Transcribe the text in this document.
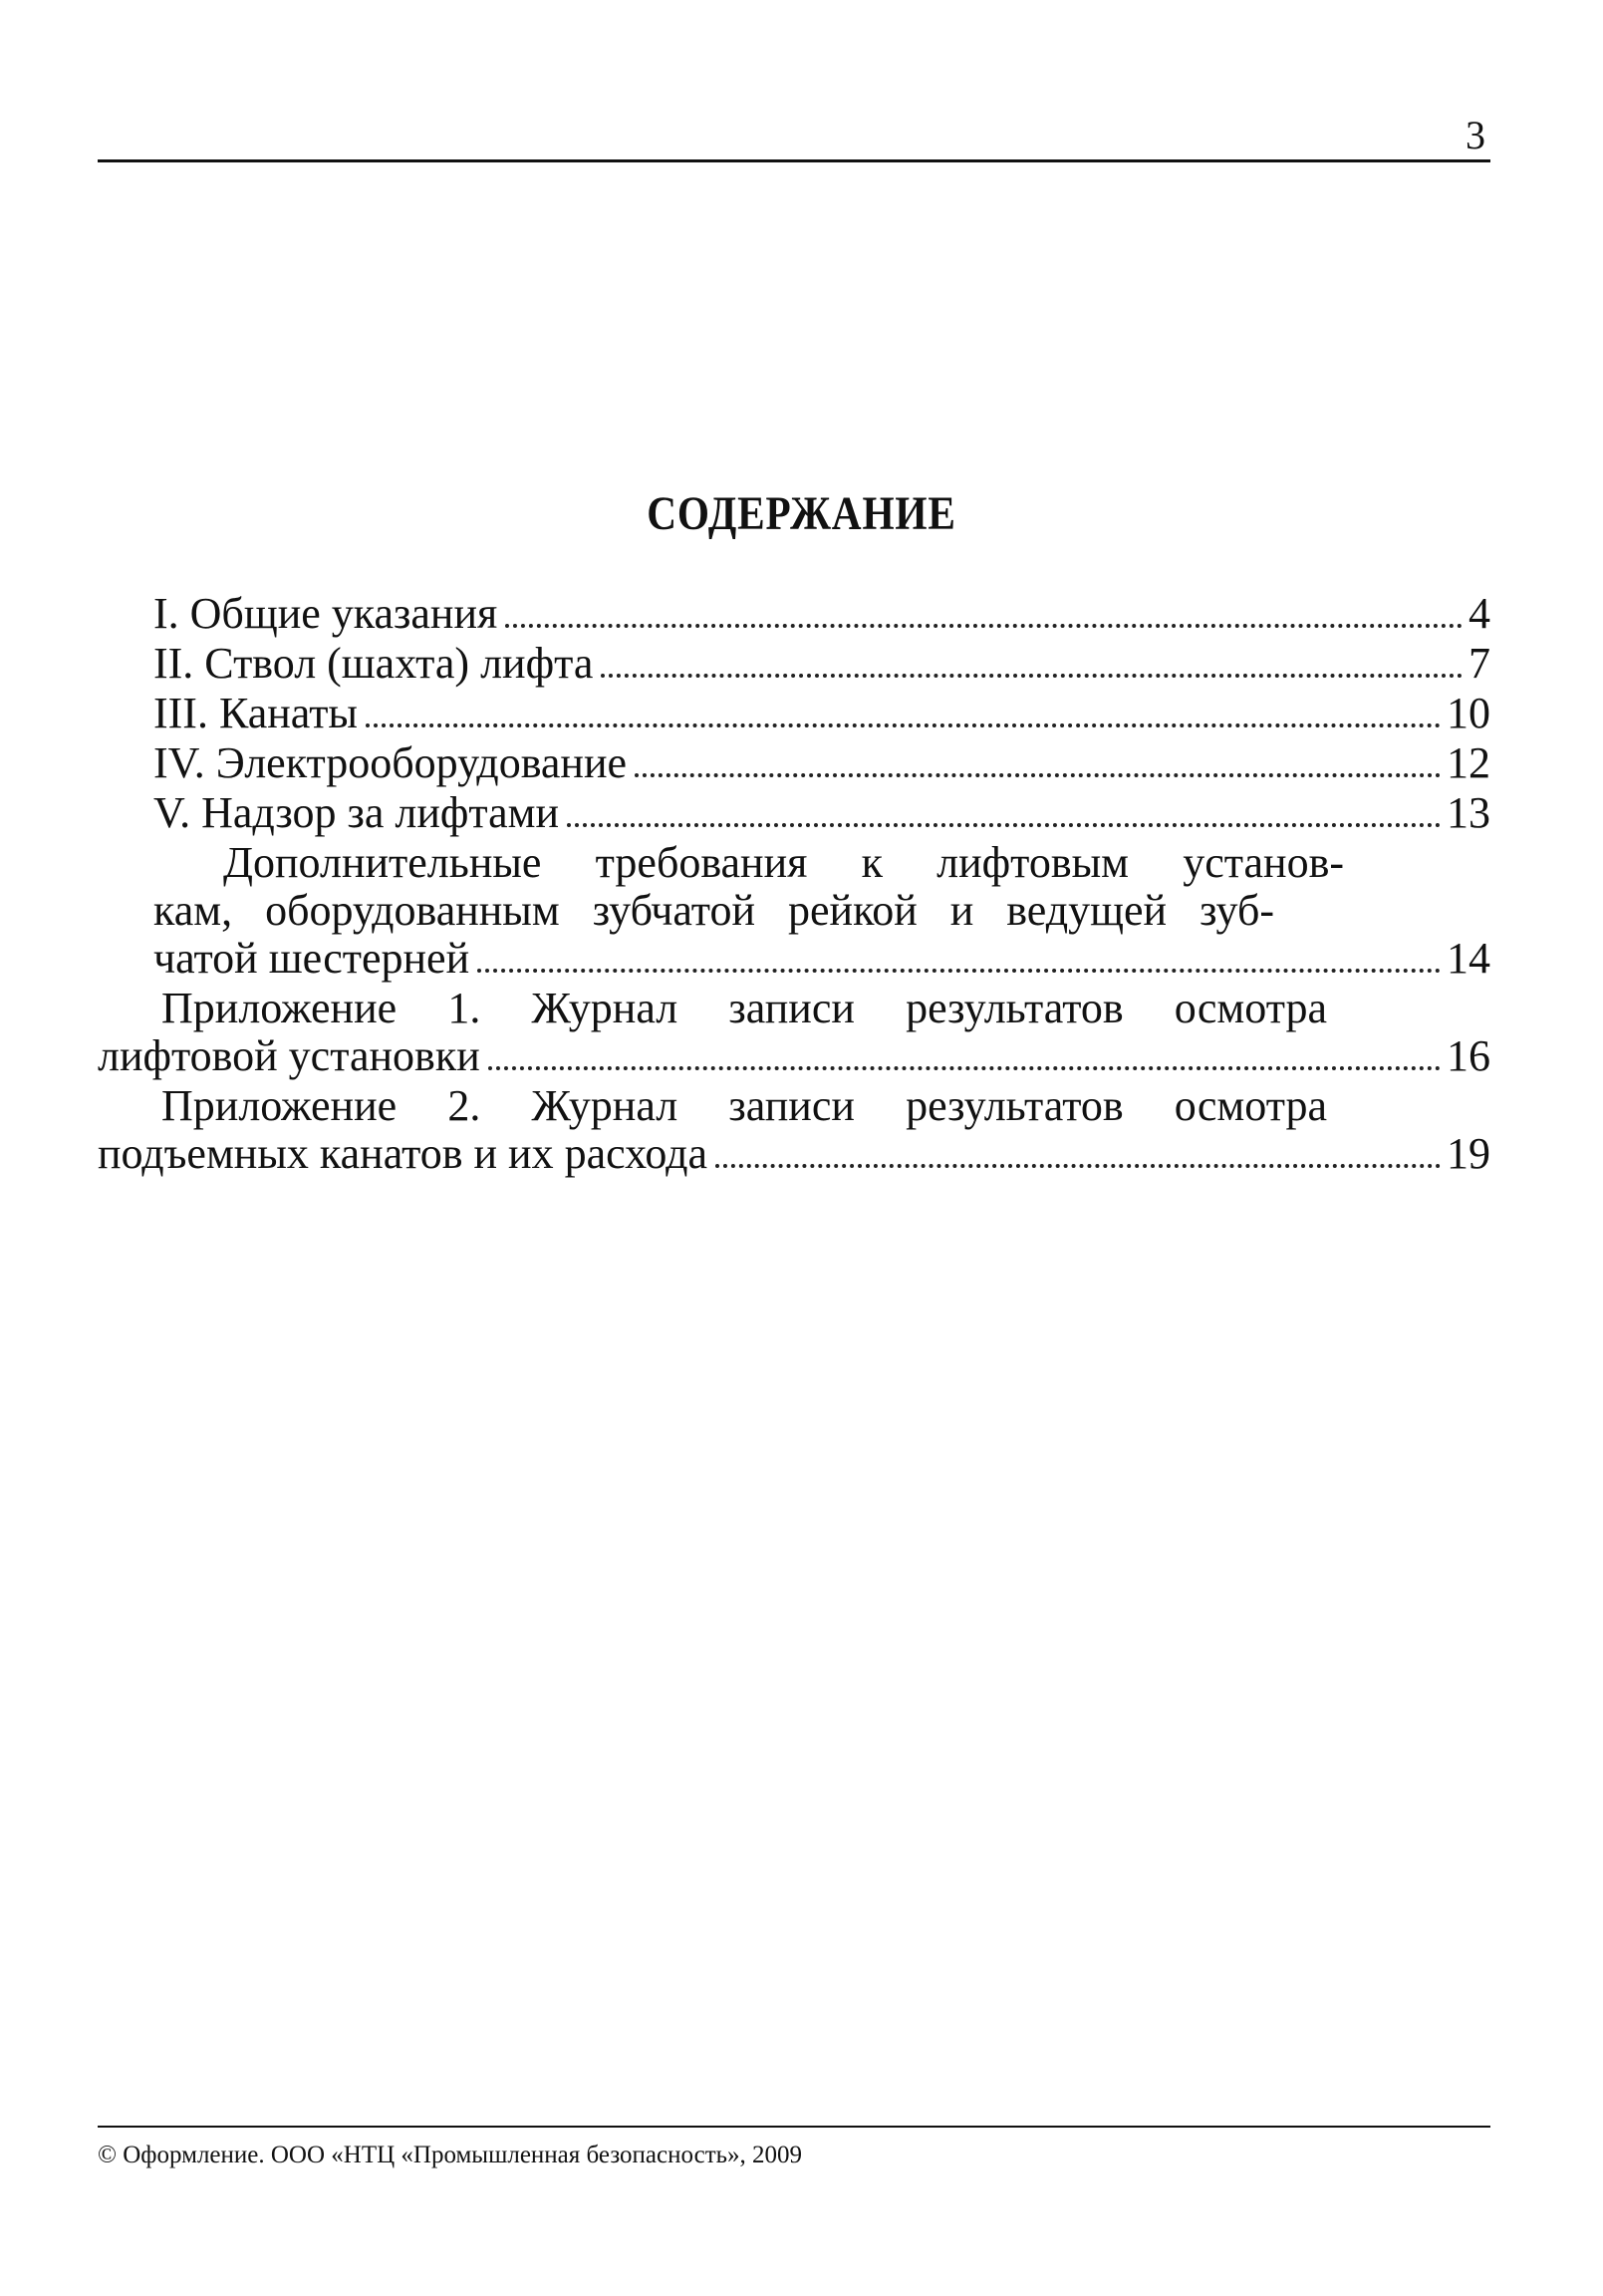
3
СОДЕРЖАНИЕ
I. Общие указания	4
II. Ствол (шахта) лифта	7
III. Канаты	10
IV. Электрооборудование	12
V. Надзор за лифтами	13
Дополнительные требования к лифтовым установ-
кам, оборудованным зубчатой рейкой и ведущей зуб-
чатой шестерней	14
Приложение 1. Журнал записи результатов осмотра
лифтовой установки	16
Приложение 2. Журнал записи результатов осмотра
подъемных канатов и их расхода	19
© Оформление. ООО «НТЦ «Промышленная безопасность», 2009
